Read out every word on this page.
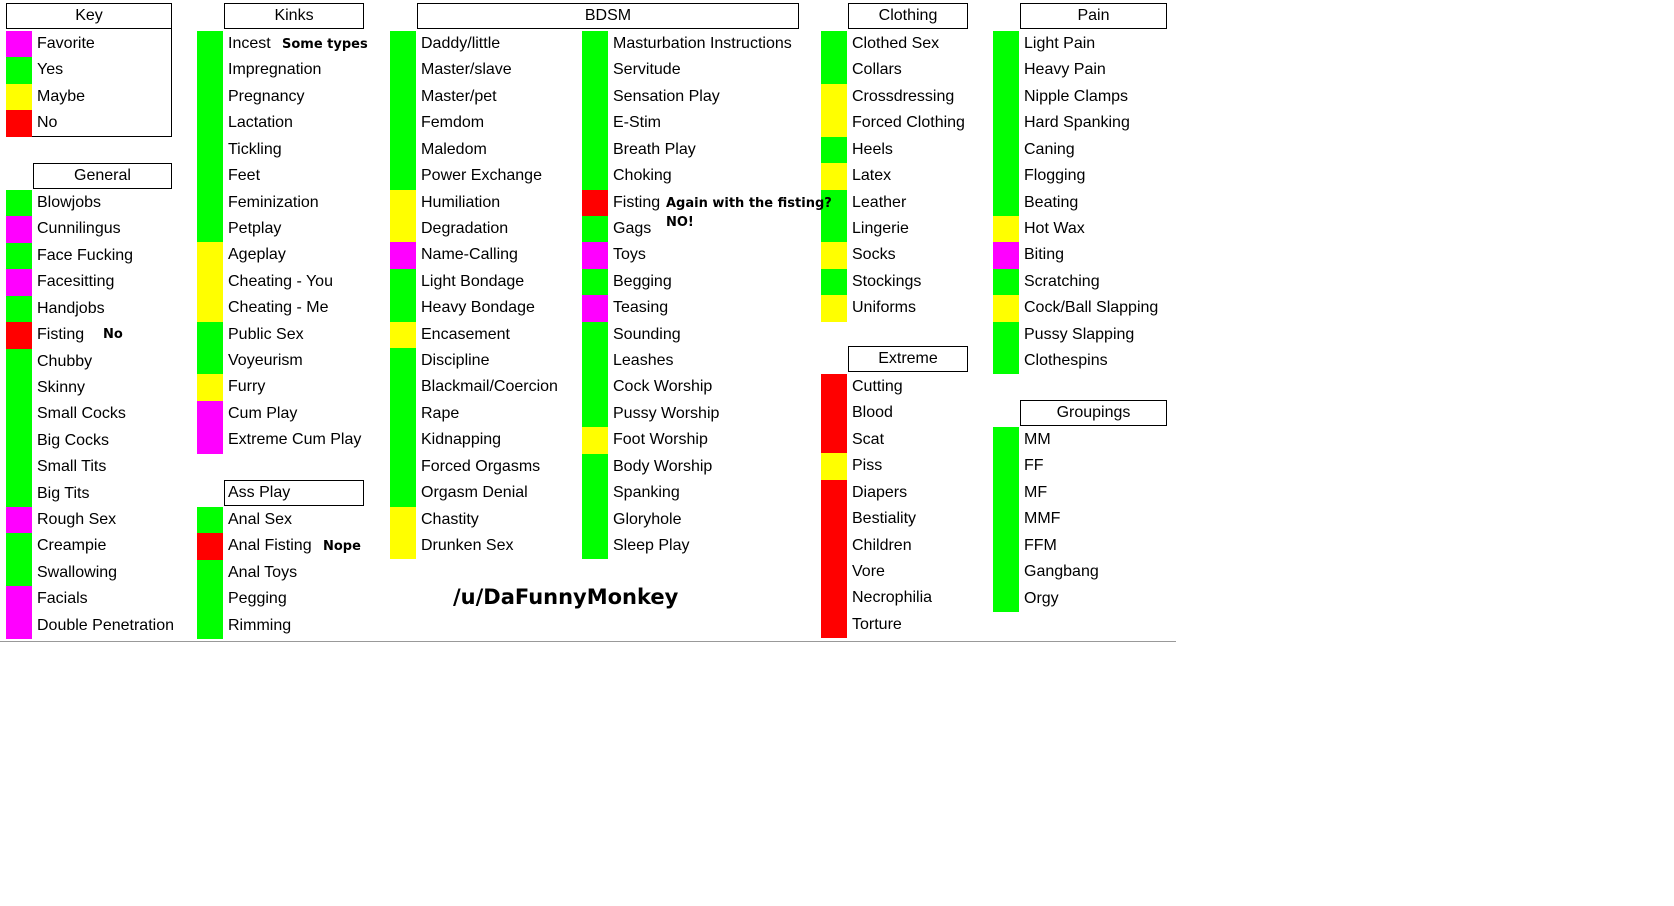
Key
General
Kinks
Ass Play
BDSM	Clothing
Extreme
Pain
Groupings
Favorite
Yes
Maybe
No
Blowjobs
Cunnilingus
Face Fucking
Facesitting
Handjobs
Fisting
Chubby
Skinny
Small Cocks
Big Cocks
Small Tits
Big Tits
Rough Sex
Creampie
Swallowing
Facials
Double Penetration
Incest
Impregnation
Pregnancy
Lactation
Tickling
Feet
Feminization
Petplay
Ageplay
Cheating - You
Cheating - Me
Public Sex
Voyeurism
Furry
Cum Play
Extreme Cum Play
Anal Sex
Anal Fisting
Anal Toys
Pegging
Rimming
Daddy/little
Master/slave
Master/pet
Femdom
Maledom
Power Exchange
Humiliation
Degradation
Name-Calling
Light Bondage
Heavy Bondage
Encasement
Discipline
Blackmail/Coercion
Rape
Kidnapping
Forced Orgasms
Orgasm Denial
Chastity
Drunken Sex
Masturbation Instructions
Servitude
Sensation Play
E-Stim
Breath Play
Choking
Fisting
Gags
Toys
Begging
Teasing
Sounding
Leashes
Cock Worship
Pussy Worship
Foot Worship
Body Worship
Spanking
Gloryhole
Sleep Play
Clothed Sex
Collars
Crossdressing
Forced Clothing
Heels
Latex
Leather
Lingerie
Socks
Stockings
Uniforms
Cutting
Blood
Scat
Piss
Diapers
Bestiality
Children
Vore
Necrophilia
Torture
Light Pain
Heavy Pain
Nipple Clamps
Hard Spanking
Caning
Flogging
Beating
Hot Wax
Biting
Scratching
Cock/Ball Slapping
Pussy Slapping
Clothespins
MM
FF
MF
MMF
FFM
Gangbang
Orgy
Some types
No
Nope
Again with the fisting?
NO!
/u/DaFunnyMonkey
